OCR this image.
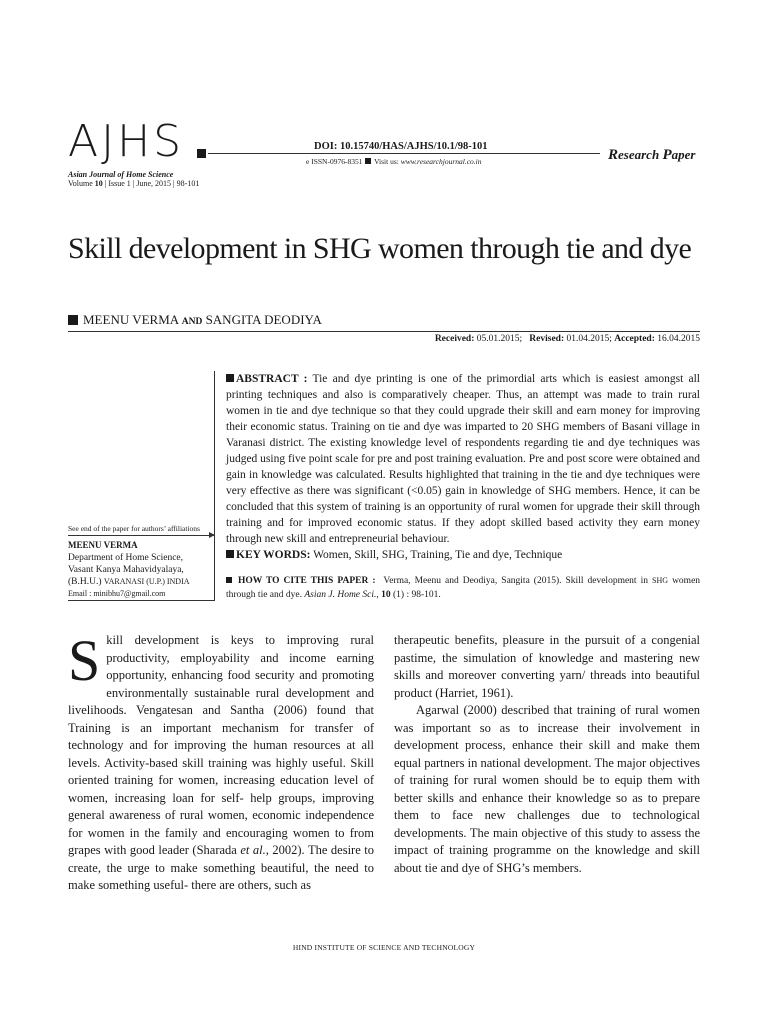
AJHS
Asian Journal of Home Science
Volume 10 | Issue 1 | June, 2015 | 98-101
DOI: 10.15740/HAS/AJHS/10.1/98-101
e ISSN-0976-8351 Visit us: www.researchjournal.co.in	Research Paper
Skill development in SHG women through tie and dye
MEENU VERMA AND SANGITA DEODIYA
Received: 05.01.2015; Revised: 01.04.2015; Accepted: 16.04.2015
See end of the paper for authors’ affiliations
MEENU VERMA
Department of Home Science,
Vasant Kanya Mahavidyalaya,
(B.H.U.) VARANASI (U.P.) INDIA
Email : minibhu7@gmail.com
ABSTRACT : Tie and dye printing is one of the primordial arts which is easiest amongst all printing techniques and also is comparatively cheaper. Thus, an attempt was made to train rural women in tie and dye technique so that they could upgrade their skill and earn money for improving their economic status. Training on tie and dye was imparted to 20 SHG members of Basani village in Varanasi district. The existing knowledge level of respondents regarding tie and dye techniques was judged using five point scale for pre and post training evaluation. Pre and post score were obtained and gain in knowledge was calculated. Results highlighted that training in the tie and dye techniques were very effective as there was significant (<0.05) gain in knowledge of SHG members. Hence, it can be concluded that this system of training is an opportunity of rural women for upgrade their skill through training and for improved economic status. If they adopt skilled based activity they earn money through new skill and entrepreneurial behaviour.
KEY WORDS: Women, Skill, SHG, Training, Tie and dye, Technique
HOW TO CITE THIS PAPER : Verma, Meenu and Deodiya, Sangita (2015). Skill development in SHG women through tie and dye. Asian J. Home Sci., 10 (1) : 98-101.

Skill development is keys to improving rural productivity, employability and income earning opportunity, enhancing food security and promoting environmentally sustainable rural development and livelihoods. Vengatesan and Santha (2006) found that Training is an important mechanism for transfer of technology and for improving the human resources at all levels. Activity-based skill training was highly useful. Skill oriented training for women, increasing education level of women, increasing loan for self- help groups, improving general awareness of rural women, economic independence for women in the family and encouraging women to from grapes with good leader (Sharada et al., 2002). The desire to create, the urge to make something beautiful, the need to make something useful- there are others, such as

therapeutic benefits, pleasure in the pursuit of a congenial pastime, the simulation of knowledge and mastering new skills and moreover converting yarn/ threads into beautiful product (Harriet, 1961).

Agarwal (2000) described that training of rural women was important so as to increase their involvement in development process, enhance their skill and make them equal partners in national development. The major objectives of training for rural women should be to equip them with better skills and enhance their knowledge so as to prepare them to face new challenges due to technological developments. The main objective of this study to assess the impact of training programme on the knowledge and skill about tie and dye of SHG’s members.

HIND INSTITUTE OF SCIENCE AND TECHNOLOGY
